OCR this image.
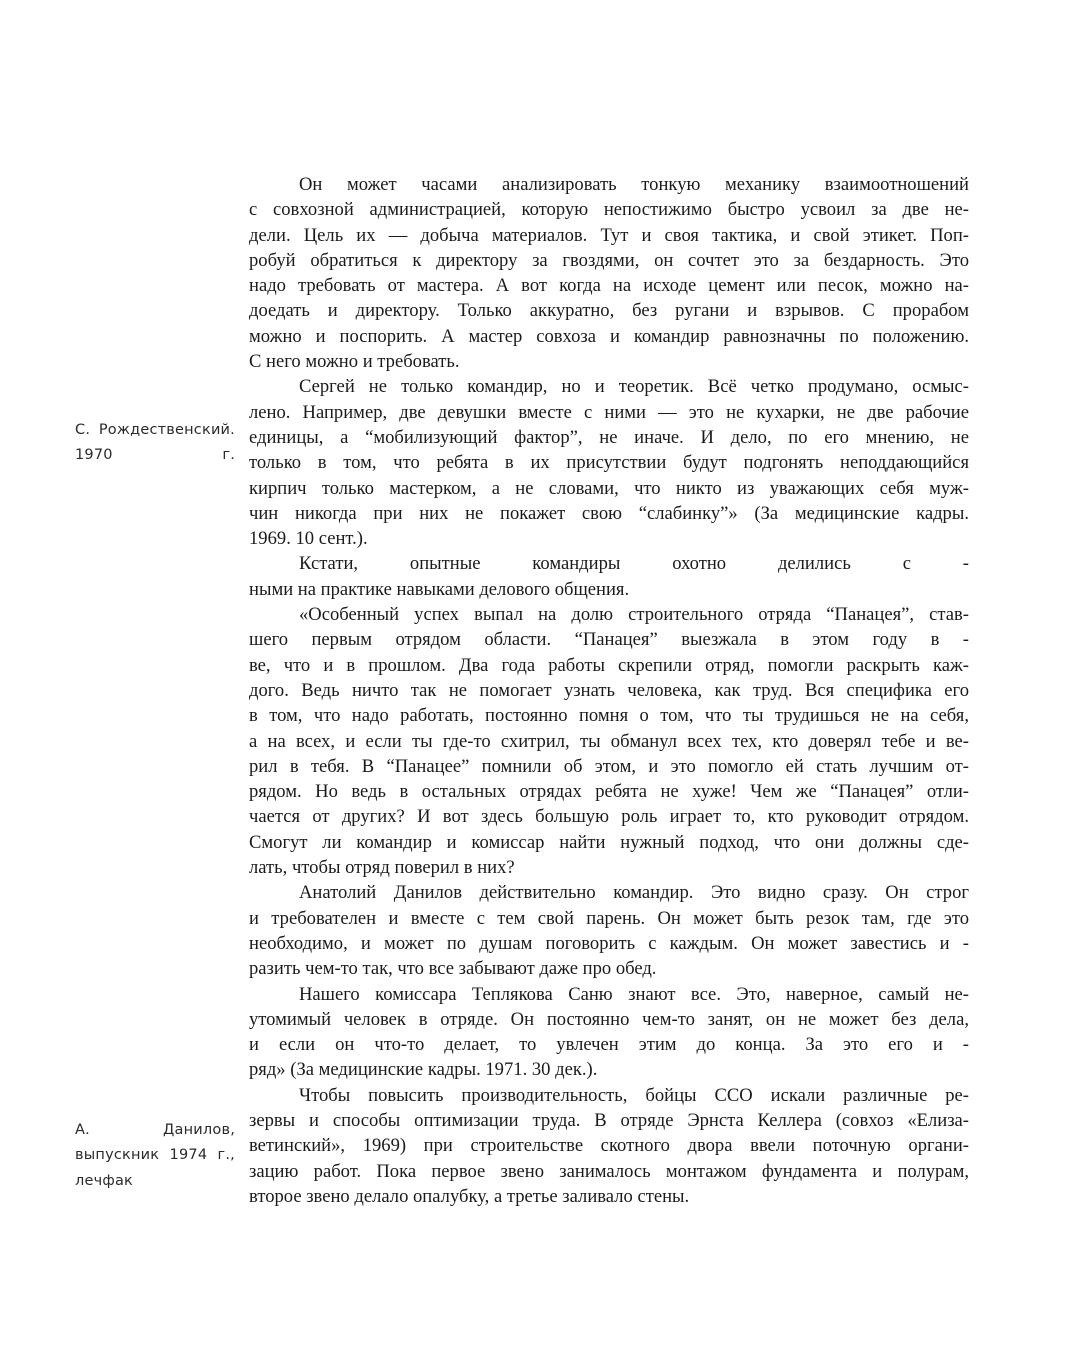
С. Рождественский.
1970 г.
А. Данилов,
выпускник 1974 г.,
лечфак
Он может часами анализировать тонкую механику взаимоотношений
с совхозной администрацией, которую непостижимо быстро усвоил за две не-
дели. Цель их — добыча материалов. Тут и своя тактика, и свой этикет. Поп-
робуй обратиться к директору за гвоздями, он сочтет это за бездарность. Это
надо требовать от мастера. А вот когда на исходе цемент или песок, можно на-
доедать и директору. Только аккуратно, без ругани и взрывов. С прорабом
можно и поспорить. А мастер совхоза и командир равнозначны по положению.
С него можно и требовать.
Сергей не только командир, но и теоретик. Всё четко продумано, осмыс-
лено. Например, две девушки вместе с ними — это не кухарки, не две рабочие
единицы, а “мобилизующий фактор”, не иначе. И дело, по его мнению, не
только в том, что ребята в их присутствии будут подгонять неподдающийся
кирпич только мастерком, а не словами, что никто из уважающих себя муж-
чин никогда при них не покажет свою “слабинку”» (За медицинские кадры.
1969. 10 сент.).
Кстати, опытные командиры охотно делились с -
ными на практике навыками делового общения.
«Особенный успех выпал на долю строительного отряда “Панацея”, став-
шего первым отрядом области. “Панацея” выезжала в этом году в -
ве, что и в прошлом. Два года работы скрепили отряд, помогли раскрыть каж-
дого. Ведь ничто так не помогает узнать человека, как труд. Вся специфика его
в том, что надо работать, постоянно помня о том, что ты трудишься не на себя,
а на всех, и если ты где-то схитрил, ты обманул всех тех, кто доверял тебе и ве-
рил в тебя. В “Панацее” помнили об этом, и это помогло ей стать лучшим от-
рядом. Но ведь в остальных отрядах ребята не хуже! Чем же “Панацея” отли-
чается от других? И вот здесь большую роль играет то, кто руководит отрядом.
Смогут ли командир и комиссар найти нужный подход, что они должны сде-
лать, чтобы отряд поверил в них?
Анатолий Данилов действительно командир. Это видно сразу. Он строг
и требователен и вместе с тем свой парень. Он может быть резок там, где это
необходимо, и может по душам поговорить с каждым. Он может завестись и -
разить чем-то так, что все забывают даже про обед.
Нашего комиссара Теплякова Саню знают все. Это, наверное, самый не-
утомимый человек в отряде. Он постоянно чем-то занят, он не может без дела,
и если он что-то делает, то увлечен этим до конца. За это его и -
ряд» (За медицинские кадры. 1971. 30 дек.).
Чтобы повысить производительность, бойцы ССО искали различные ре-
зервы и способы оптимизации труда. В отряде Эрнста Келлера (совхоз «Елиза-
ветинский», 1969) при строительстве скотного двора ввели поточную органи-
зацию работ. Пока первое звено занималось монтажом фундамента и полурам,
второе звено делало опалубку, а третье заливало стены.
